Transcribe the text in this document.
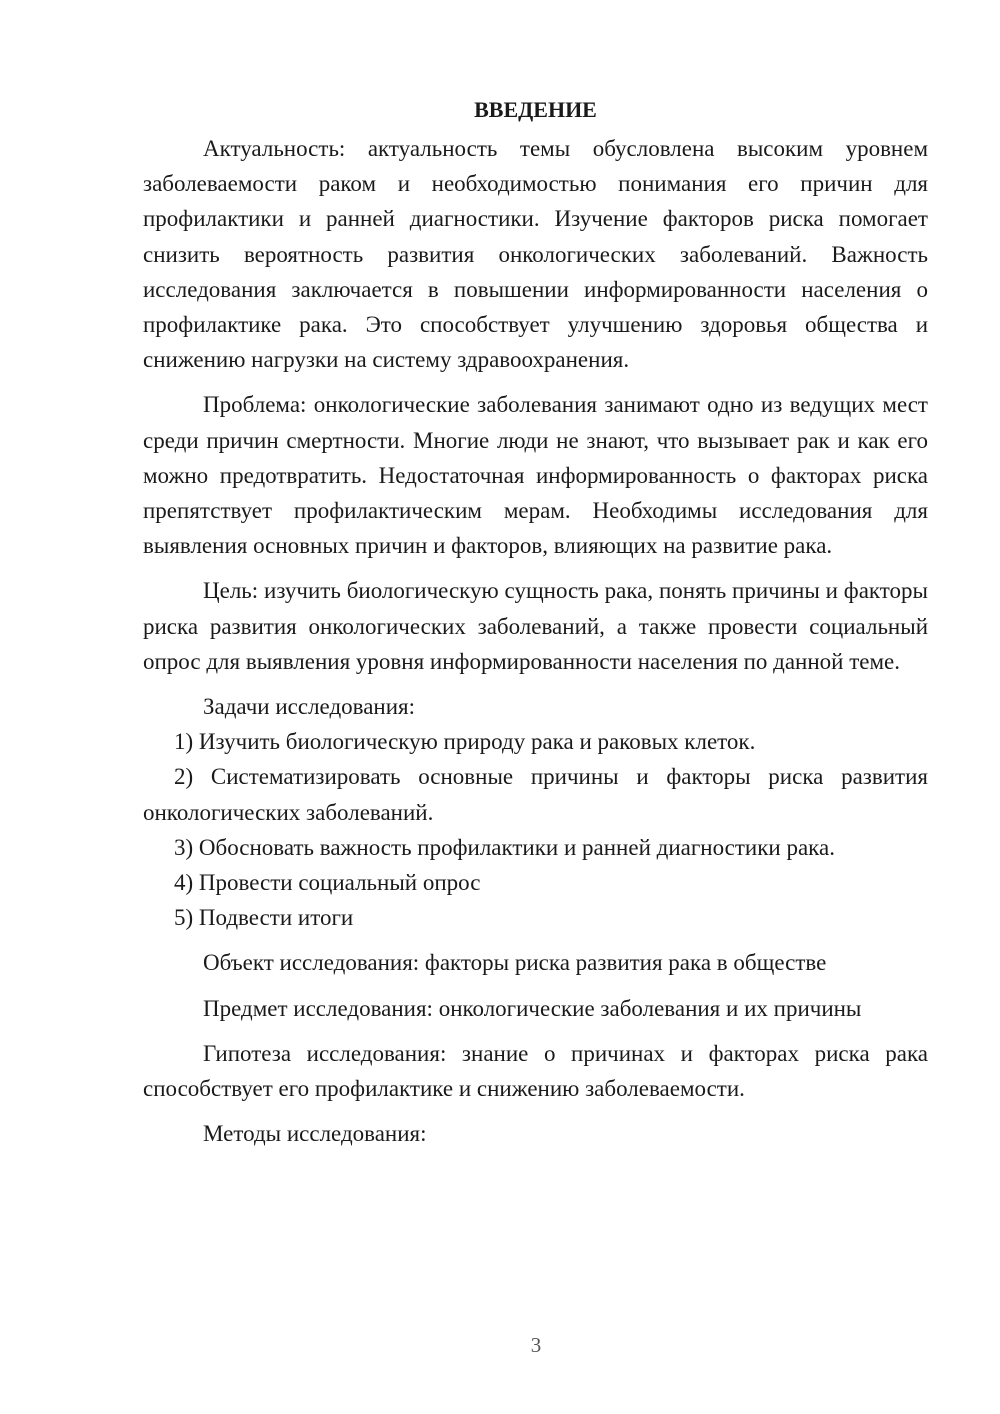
ВВЕДЕНИЕ

Актуальность: актуальность темы обусловлена высоким уровнем заболеваемости раком и необходимостью понимания его причин для профилактики и ранней диагностики. Изучение факторов риска помогает снизить вероятность развития онкологических заболеваний. Важность исследования заключается в повышении информированности населения о профилактике рака. Это способствует улучшению здоровья общества и снижению нагрузки на систему здравоохранения.

Проблема: онкологические заболевания занимают одно из ведущих мест среди причин смертности. Многие люди не знают, что вызывает рак и как его можно предотвратить. Недостаточная информированность о факторах риска препятствует профилактическим мерам. Необходимы исследования для выявления основных причин и факторов, влияющих на развитие рака.

Цель: изучить биологическую сущность рака, понять причины и факторы риска развития онкологических заболеваний, а также провести социальный опрос для выявления уровня информированности населения по данной теме.

Задачи исследования:

1) Изучить биологическую природу рака и раковых клеток.

2) Систематизировать основные причины и факторы риска развития онкологических заболеваний.

3) Обосновать важность профилактики и ранней диагностики рака.

4) Провести социальный опрос

5) Подвести итоги

Объект исследования: факторы риска развития рака в обществе

Предмет исследования: онкологические заболевания и их причины

Гипотеза исследования: знание о причинах и факторах риска рака способствует его профилактике и снижению заболеваемости.

Методы исследования:

3
